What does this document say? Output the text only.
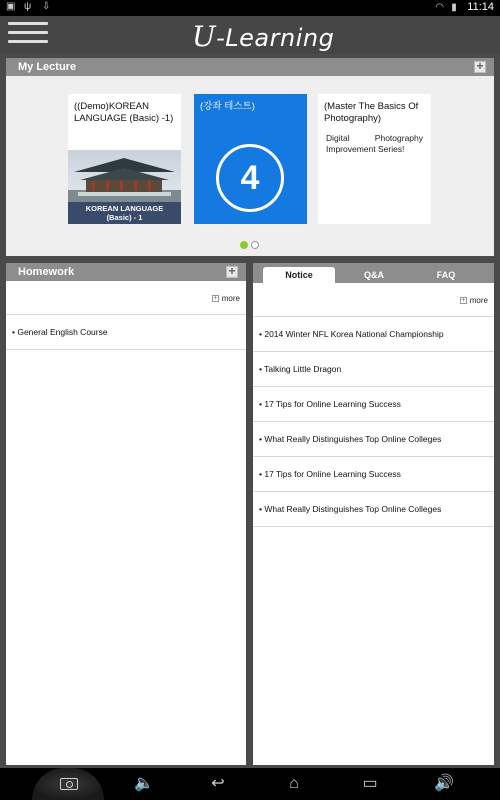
▣ ψ ⇩	◠ ▮ 11:14
U-Learning
My Lecture	+
((Demo)KOREAN LANGUAGE (Basic) -1)
KOREAN LANGUAGE
(Basic) - 1
(강좌 테스트)
4
(Master The Basics Of Photography)
Digital	Photography
Improvement Series!
Homework	+
+ more
• General English Course
Notice	Q&A	FAQ
+ more
• 2014 Winter NFL Korea National Championship
• Talking Little Dragon
• 17 Tips for Online Learning Success
• What Really Distinguishes Top Online Colleges
• 17 Tips for Online Learning Success
• What Really Distinguishes Top Online Colleges
🔈	↩	⌂	▭	🔊
